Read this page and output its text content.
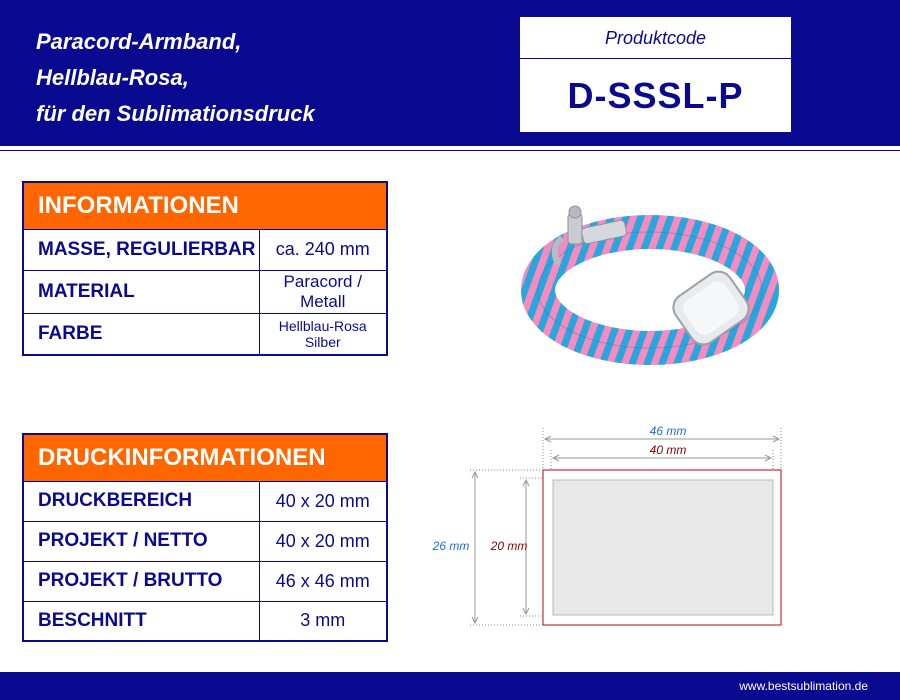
Paracord-Armband,
Hellblau-Rosa,
für den Sublimationsdruck
Produktcode
D-SSSL-P
INFORMATIONEN	
MASSE, REGULIERBAR	ca. 240 mm
MATERIAL	Paracord / Metall
FARBE	Hellblau-Rosa
Silber
DRUCKINFORMATIONEN	
DRUCKBEREICH	40 x 20 mm
PROJEKT / NETTO	40 x 20 mm
PROJEKT / BRUTTO	46 x 46 mm
BESCHNITT	3 mm
46 mm
40 mm
26 mm 20 mm
www.bestsublimation.de
